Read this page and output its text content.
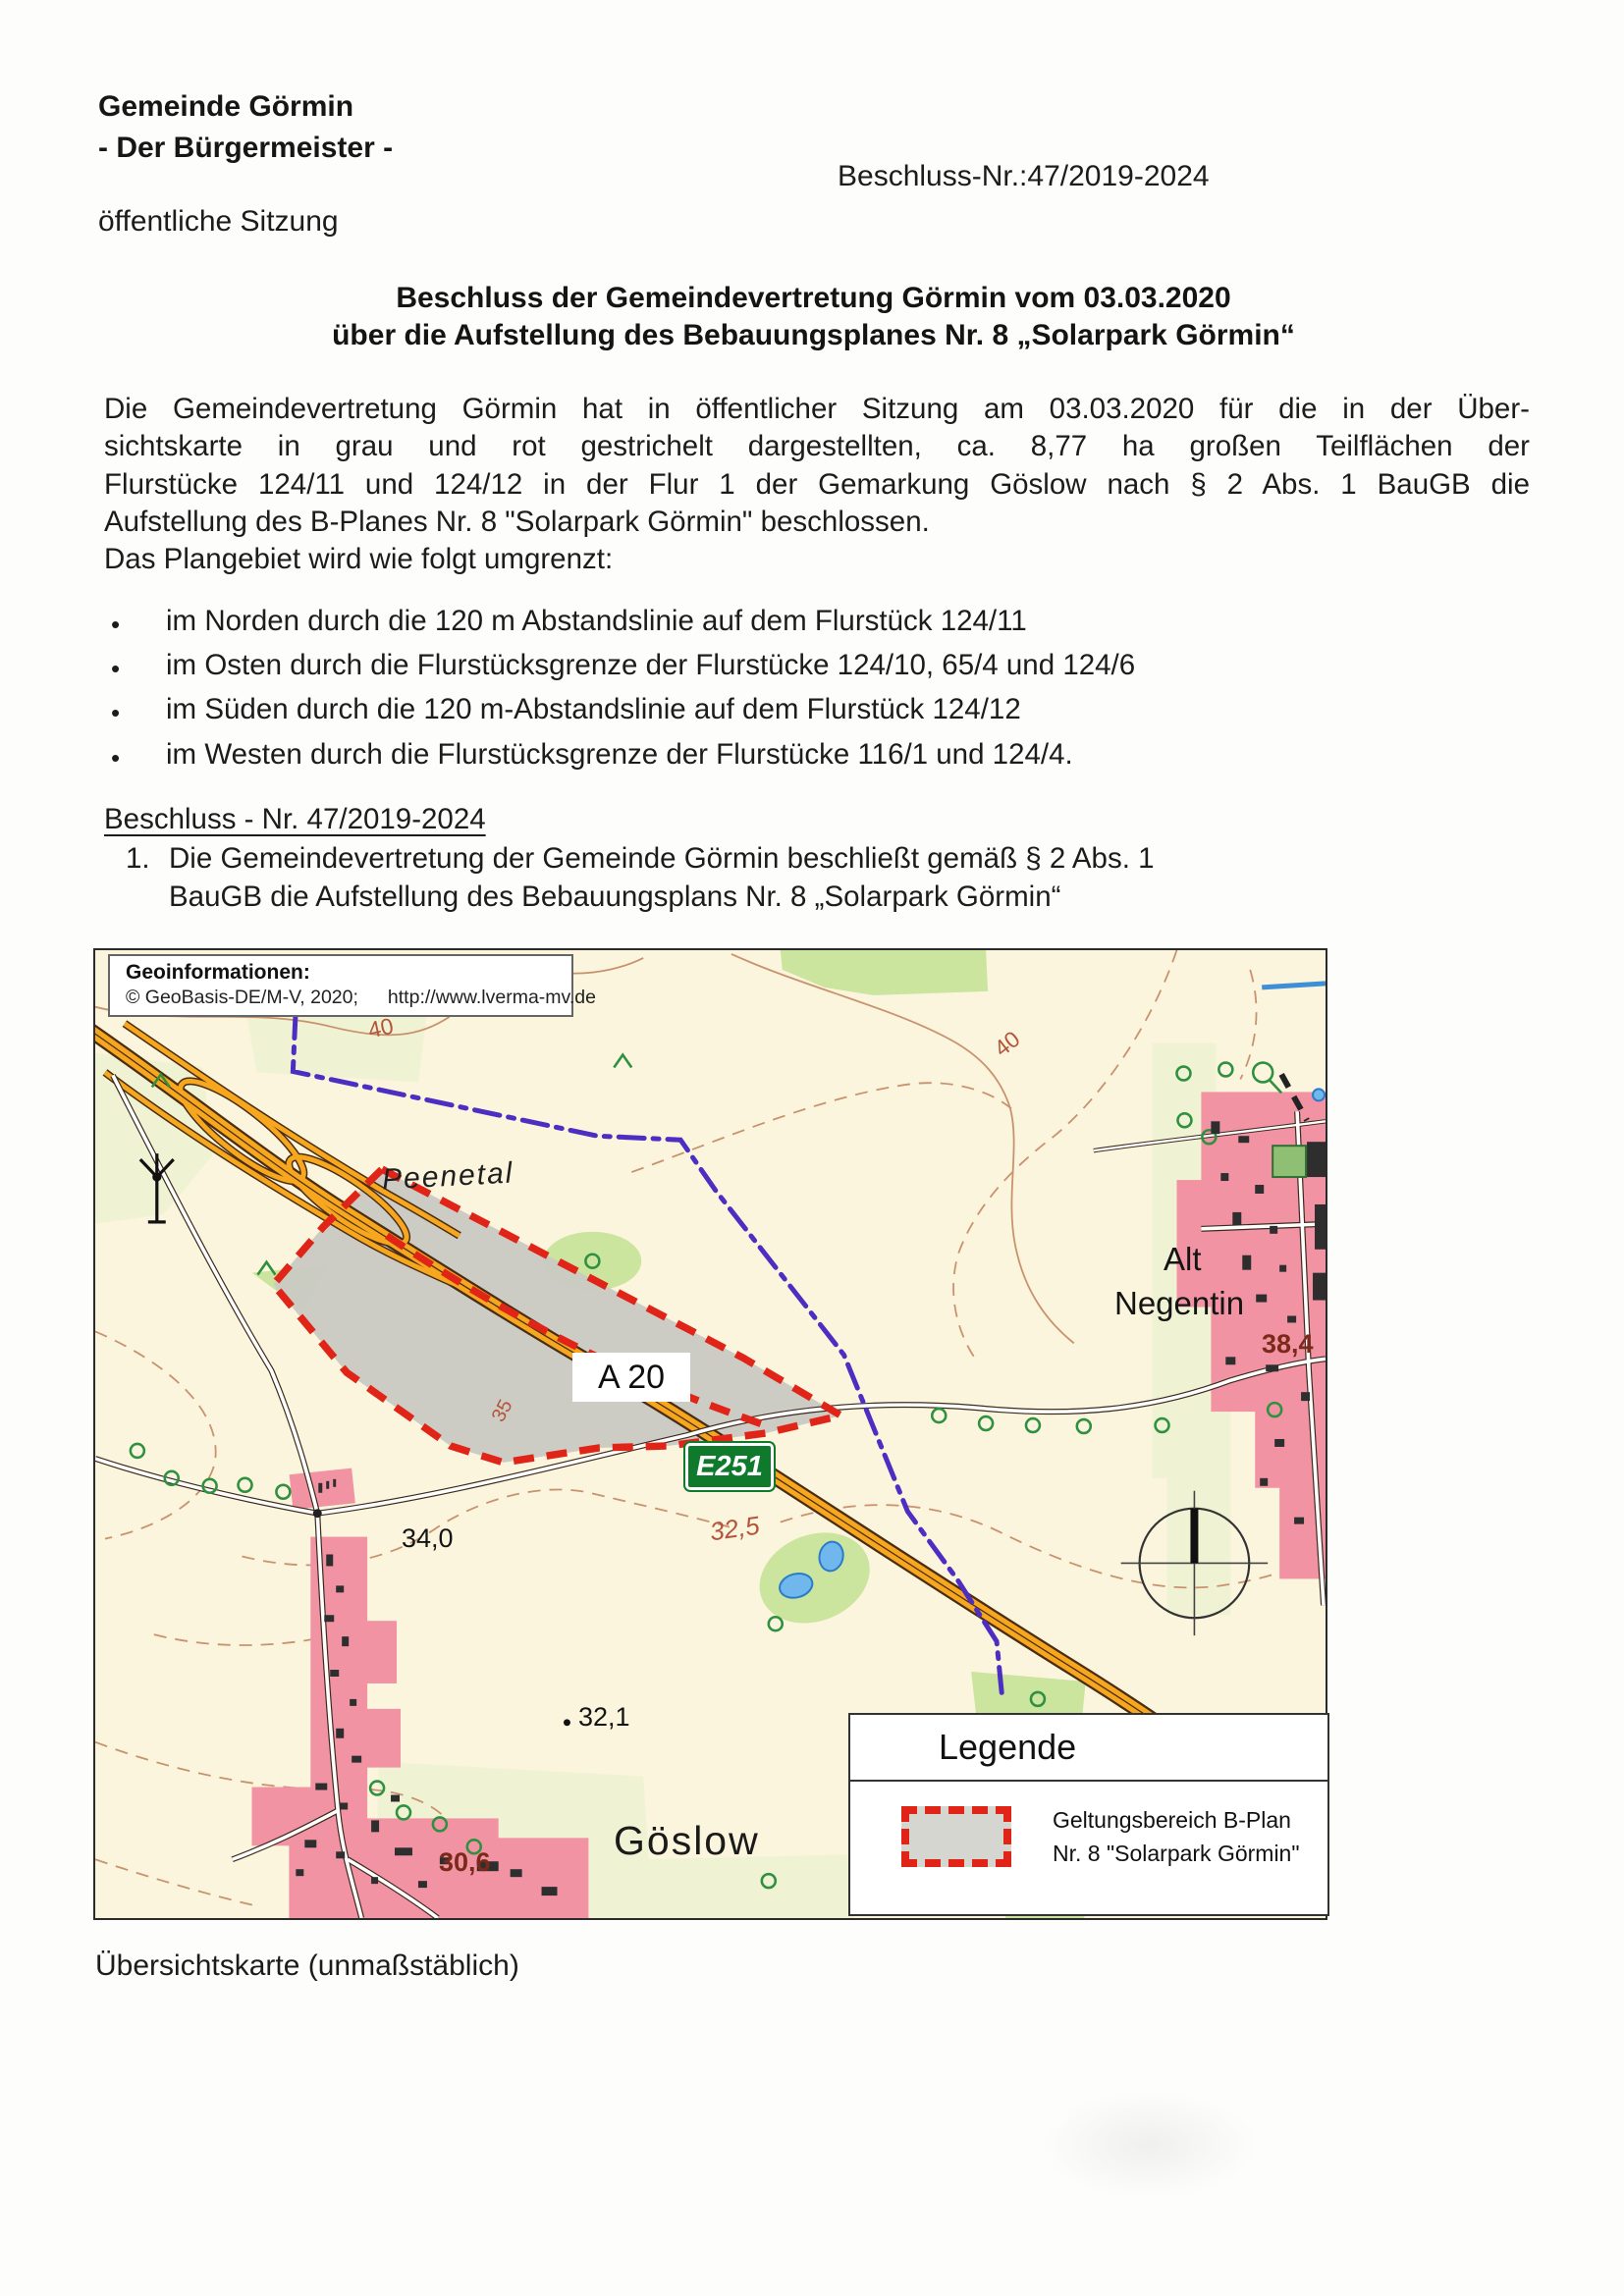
Gemeinde Görmin
- Der Bürgermeister -
Beschluss-Nr.:47/2019-2024
öffentliche Sitzung
Beschluss der Gemeindevertretung Görmin vom 03.03.2020
über die Aufstellung des Bebauungsplanes Nr. 8 „Solarpark Görmin“
Die Gemeindevertretung Görmin hat in öffentlicher Sitzung am 03.03.2020 für die in der Über-
sichtskarte in grau und rot gestrichelt dargestellten, ca. 8,77 ha großen Teilflächen der
Flurstücke 124/11 und 124/12 in der Flur 1 der Gemarkung Göslow nach § 2 Abs. 1 BauGB die
Aufstellung des B-Planes Nr. 8 "Solarpark Görmin" beschlossen.
Das Plangebiet wird wie folgt umgrenzt:
•	im Norden durch die 120 m Abstandslinie auf dem Flurstück 124/11
•	im Osten durch die Flurstücksgrenze der Flurstücke 124/10, 65/4 und 124/6
•	im Süden durch die 120 m-Abstandslinie auf dem Flurstück 124/12
•	im Westen durch die Flurstücksgrenze der Flurstücke 116/1 und 124/4.
Beschluss - Nr. 47/2019-2024
1. Die Gemeindevertretung der Gemeinde Görmin beschließt gemäß § 2 Abs. 1
BauGB die Aufstellung des Bebauungsplans Nr. 8 „Solarpark Görmin“
Geoinformationen:
© GeoBasis-DE/M-V, 2020; http://www.lverma-mv.de
Peenetal
A 20
E251
Alt
Negentin
Göslow
38,4
34,0
32,1
30,6
32,5
40	40
35
Legende
Geltungsbereich B-Plan
Nr. 8 "Solarpark Görmin"
Übersichtskarte (unmaßstäblich)
